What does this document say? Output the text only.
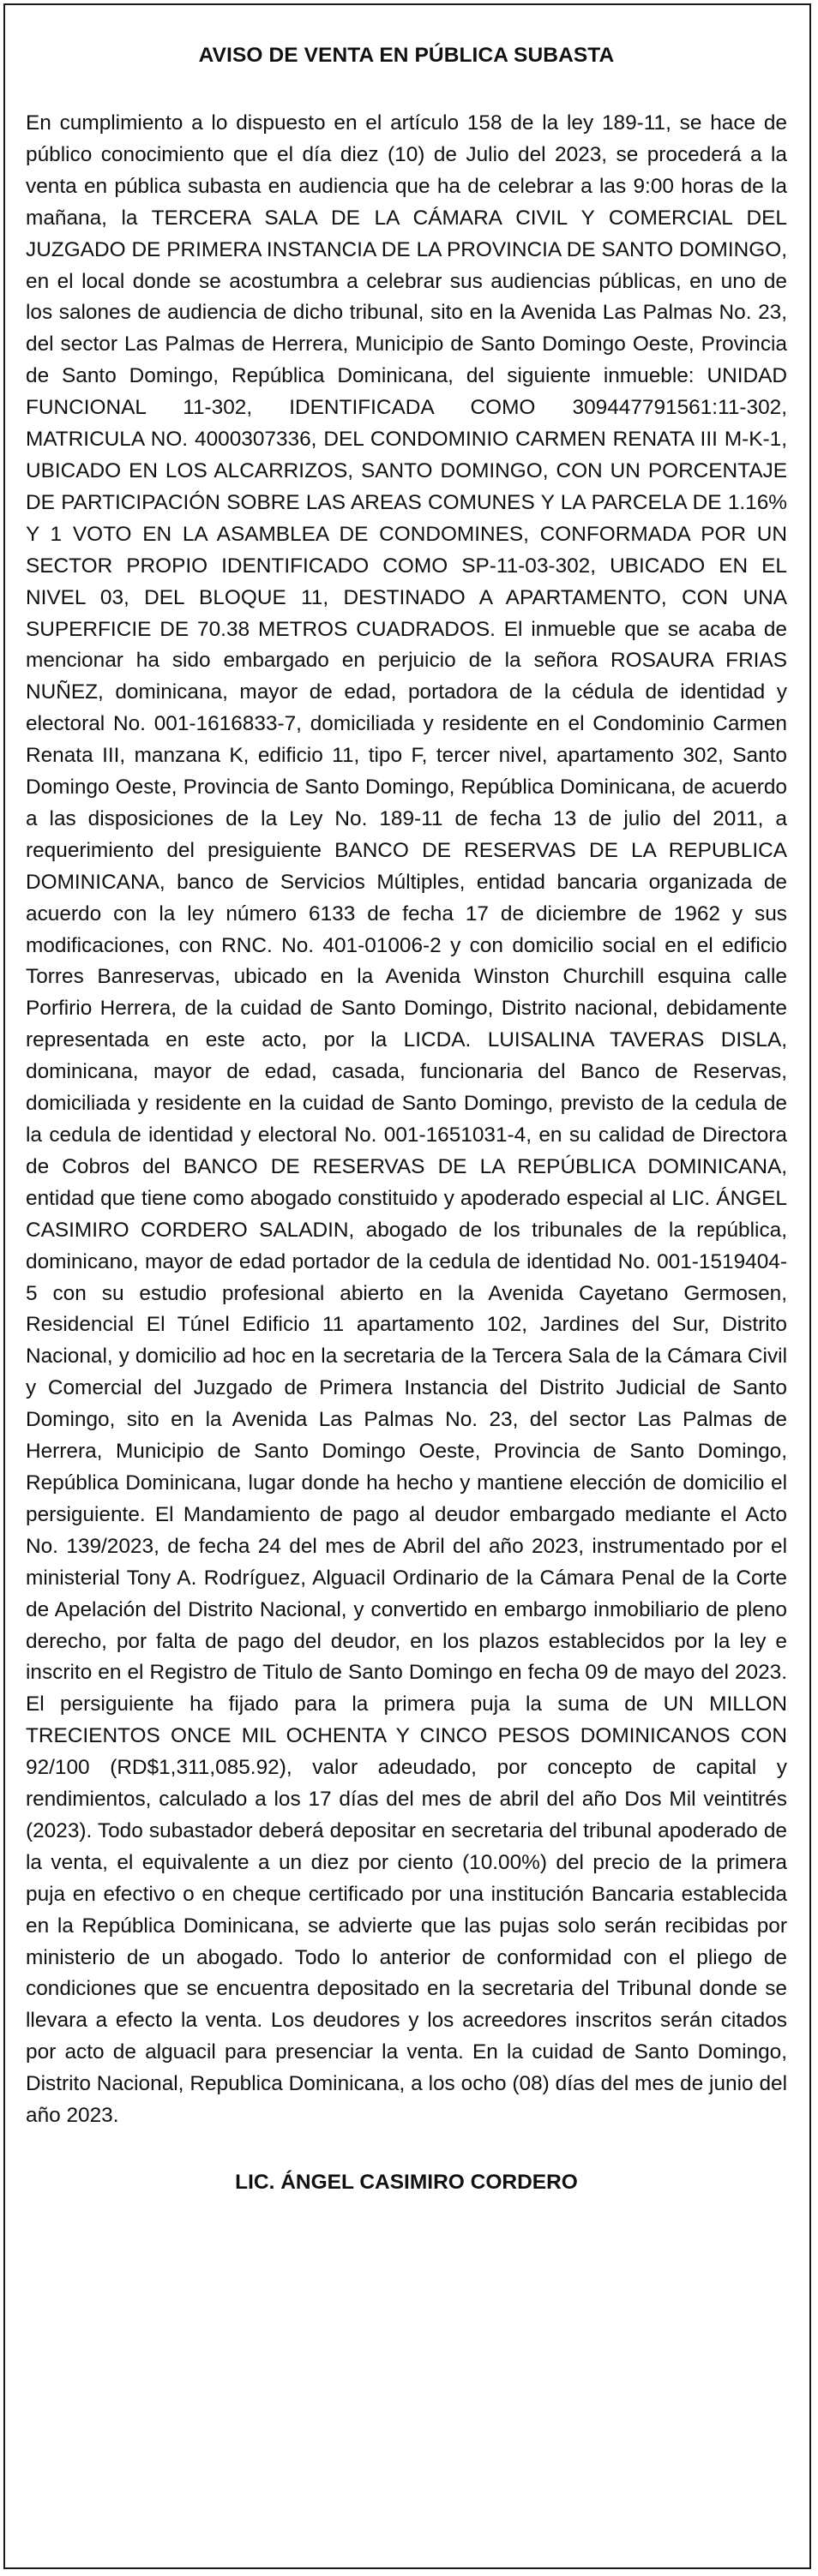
AVISO DE VENTA EN PÚBLICA SUBASTA

En cumplimiento a lo dispuesto en el artículo 158 de la ley 189-11, se hace de público conocimiento que el día diez (10) de Julio del 2023, se procederá a la venta en pública subasta en audiencia que ha de celebrar a las 9:00 horas de la mañana, la TERCERA SALA DE LA CÁMARA CIVIL Y COMERCIAL DEL JUZGADO DE PRIMERA INSTANCIA DE LA PROVINCIA DE SANTO DOMINGO, en el local donde se acostumbra a celebrar sus audiencias públicas, en uno de los salones de audiencia de dicho tribunal, sito en la Avenida Las Palmas No. 23, del sector Las Palmas de Herrera, Municipio de Santo Domingo Oeste, Provincia de Santo Domingo, República Dominicana, del siguiente inmueble: UNIDAD FUNCIONAL 11-302, IDENTIFICADA COMO 309447791561:11-302, MATRICULA NO. 4000307336, DEL CONDOMINIO CARMEN RENATA III M-K-1, UBICADO EN LOS ALCARRIZOS, SANTO DOMINGO, CON UN PORCENTAJE DE PARTICIPACIÓN SOBRE LAS AREAS COMUNES Y LA PARCELA DE 1.16% Y 1 VOTO EN LA ASAMBLEA DE CONDOMINES, CONFORMADA POR UN SECTOR PROPIO IDENTIFICADO COMO SP-11-03-302, UBICADO EN EL NIVEL 03, DEL BLOQUE 11, DESTINADO A APARTAMENTO, CON UNA SUPERFICIE DE 70.38 METROS CUADRADOS. El inmueble que se acaba de mencionar ha sido embargado en perjuicio de la señora ROSAURA FRIAS NUÑEZ, dominicana, mayor de edad, portadora de la cédula de identidad y electoral No. 001-1616833-7, domiciliada y residente en el Condominio Carmen Renata III, manzana K, edificio 11, tipo F, tercer nivel, apartamento 302, Santo Domingo Oeste, Provincia de Santo Domingo, República Dominicana, de acuerdo a las disposiciones de la Ley No. 189-11 de fecha 13 de julio del 2011, a requerimiento del presiguiente BANCO DE RESERVAS DE LA REPUBLICA DOMINICANA, banco de Servicios Múltiples, entidad bancaria organizada de acuerdo con la ley número 6133 de fecha 17 de diciembre de 1962 y sus modificaciones, con RNC. No. 401-01006-2 y con domicilio social en el edificio Torres Banreservas, ubicado en la Avenida Winston Churchill esquina calle Porfirio Herrera, de la cuidad de Santo Domingo, Distrito nacional, debidamente representada en este acto, por la LICDA. LUISALINA TAVERAS DISLA, dominicana, mayor de edad, casada, funcionaria del Banco de Reservas, domiciliada y residente en la cuidad de Santo Domingo, previsto de la cedula de la cedula de identidad y electoral No. 001-1651031-4, en su calidad de Directora de Cobros del BANCO DE RESERVAS DE LA REPÚBLICA DOMINICANA, entidad que tiene como abogado constituido y apoderado especial al LIC. ÁNGEL CASIMIRO CORDERO SALADIN, abogado de los tribunales de la república, dominicano, mayor de edad portador de la cedula de identidad No. 001-1519404-5 con su estudio profesional abierto en la Avenida Cayetano Germosen, Residencial El Túnel Edificio 11 apartamento 102, Jardines del Sur, Distrito Nacional, y domicilio ad hoc en la secretaria de la Tercera Sala de la Cámara Civil y Comercial del Juzgado de Primera Instancia del Distrito Judicial de Santo Domingo, sito en la Avenida Las Palmas No. 23, del sector Las Palmas de Herrera, Municipio de Santo Domingo Oeste, Provincia de Santo Domingo, República Dominicana, lugar donde ha hecho y mantiene elección de domicilio el persiguiente. El Mandamiento de pago al deudor embargado mediante el Acto No. 139/2023, de fecha 24 del mes de Abril del año 2023, instrumentado por el ministerial Tony A. Rodríguez, Alguacil Ordinario de la Cámara Penal de la Corte de Apelación del Distrito Nacional, y convertido en embargo inmobiliario de pleno derecho, por falta de pago del deudor, en los plazos establecidos por la ley e inscrito en el Registro de Titulo de Santo Domingo en fecha 09 de mayo del 2023. El persiguiente ha fijado para la primera puja la suma de UN MILLON TRECIENTOS ONCE MIL OCHENTA Y CINCO PESOS DOMINICANOS CON 92/100 (RD$1,311,085.92), valor adeudado, por concepto de capital y rendimientos, calculado a los 17 días del mes de abril del año Dos Mil veintitrés (2023). Todo subastador deberá depositar en secretaria del tribunal apoderado de la venta, el equivalente a un diez por ciento (10.00%) del precio de la primera puja en efectivo o en cheque certificado por una institución Bancaria establecida en la República Dominicana, se advierte que las pujas solo serán recibidas por ministerio de un abogado. Todo lo anterior de conformidad con el pliego de condiciones que se encuentra depositado en la secretaria del Tribunal donde se llevara a efecto la venta. Los deudores y los acreedores inscritos serán citados por acto de alguacil para presenciar la venta. En la cuidad de Santo Domingo, Distrito Nacional, Republica Dominicana, a los ocho (08) días del mes de junio del año 2023.

LIC. ÁNGEL CASIMIRO CORDERO
